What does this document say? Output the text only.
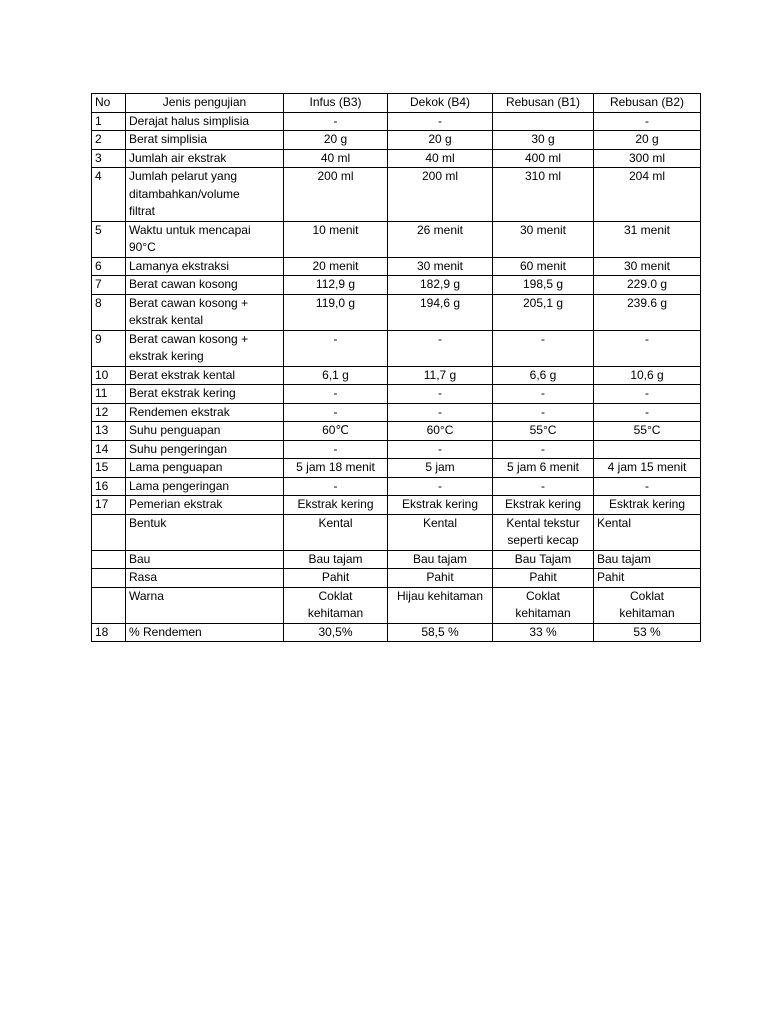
No	Jenis pengujian	Infus (B3)	Dekok (B4)	Rebusan (B1)	Rebusan (B2)
1	Derajat halus simplisia	-	-		-
2	Berat simplisia	20 g	20 g	30 g	20 g
3	Jumlah air ekstrak	40 ml	40 ml	400 ml	300 ml
4	Jumlah pelarut yang
ditambahkan/volume
filtrat	200 ml	200 ml	310 ml	204 ml
5	Waktu untuk mencapai
90°C	10 menit	26 menit	30 menit	31 menit
6	Lamanya ekstraksi	20 menit	30 menit	60 menit	30 menit
7	Berat cawan kosong	112,9 g	182,9 g	198,5 g	229.0 g
8	Berat cawan kosong +
ekstrak kental	119,0 g	194,6 g	205,1 g	239.6 g
9	Berat cawan kosong +
ekstrak kering	-	-	-	-
10	Berat ekstrak kental	6,1 g	11,7 g	6,6 g	10,6 g
11	Berat ekstrak kering	-	-	-	-
12	Rendemen ekstrak	-	-	-	-
13	Suhu penguapan	60℃	60°C	55°C	55°C
14	Suhu pengeringan	-	-	-	
15	Lama penguapan	5 jam 18 menit	5 jam	5 jam 6 menit	4 jam 15 menit
16	Lama pengeringan	-	-	-	-
17	Pemerian ekstrak	Ekstrak kering	Ekstrak kering	Ekstrak kering	Esktrak kering
	Bentuk	Kental	Kental	Kental tekstur
seperti kecap	Kental
	Bau	Bau tajam	Bau tajam	Bau Tajam	Bau tajam
	Rasa	Pahit	Pahit	Pahit	Pahit
	Warna	Coklat
kehitaman	Hijau kehitaman	Coklat
kehitaman	Coklat
kehitaman
18	% Rendemen	30,5%	58,5 %	33 %	53 %
